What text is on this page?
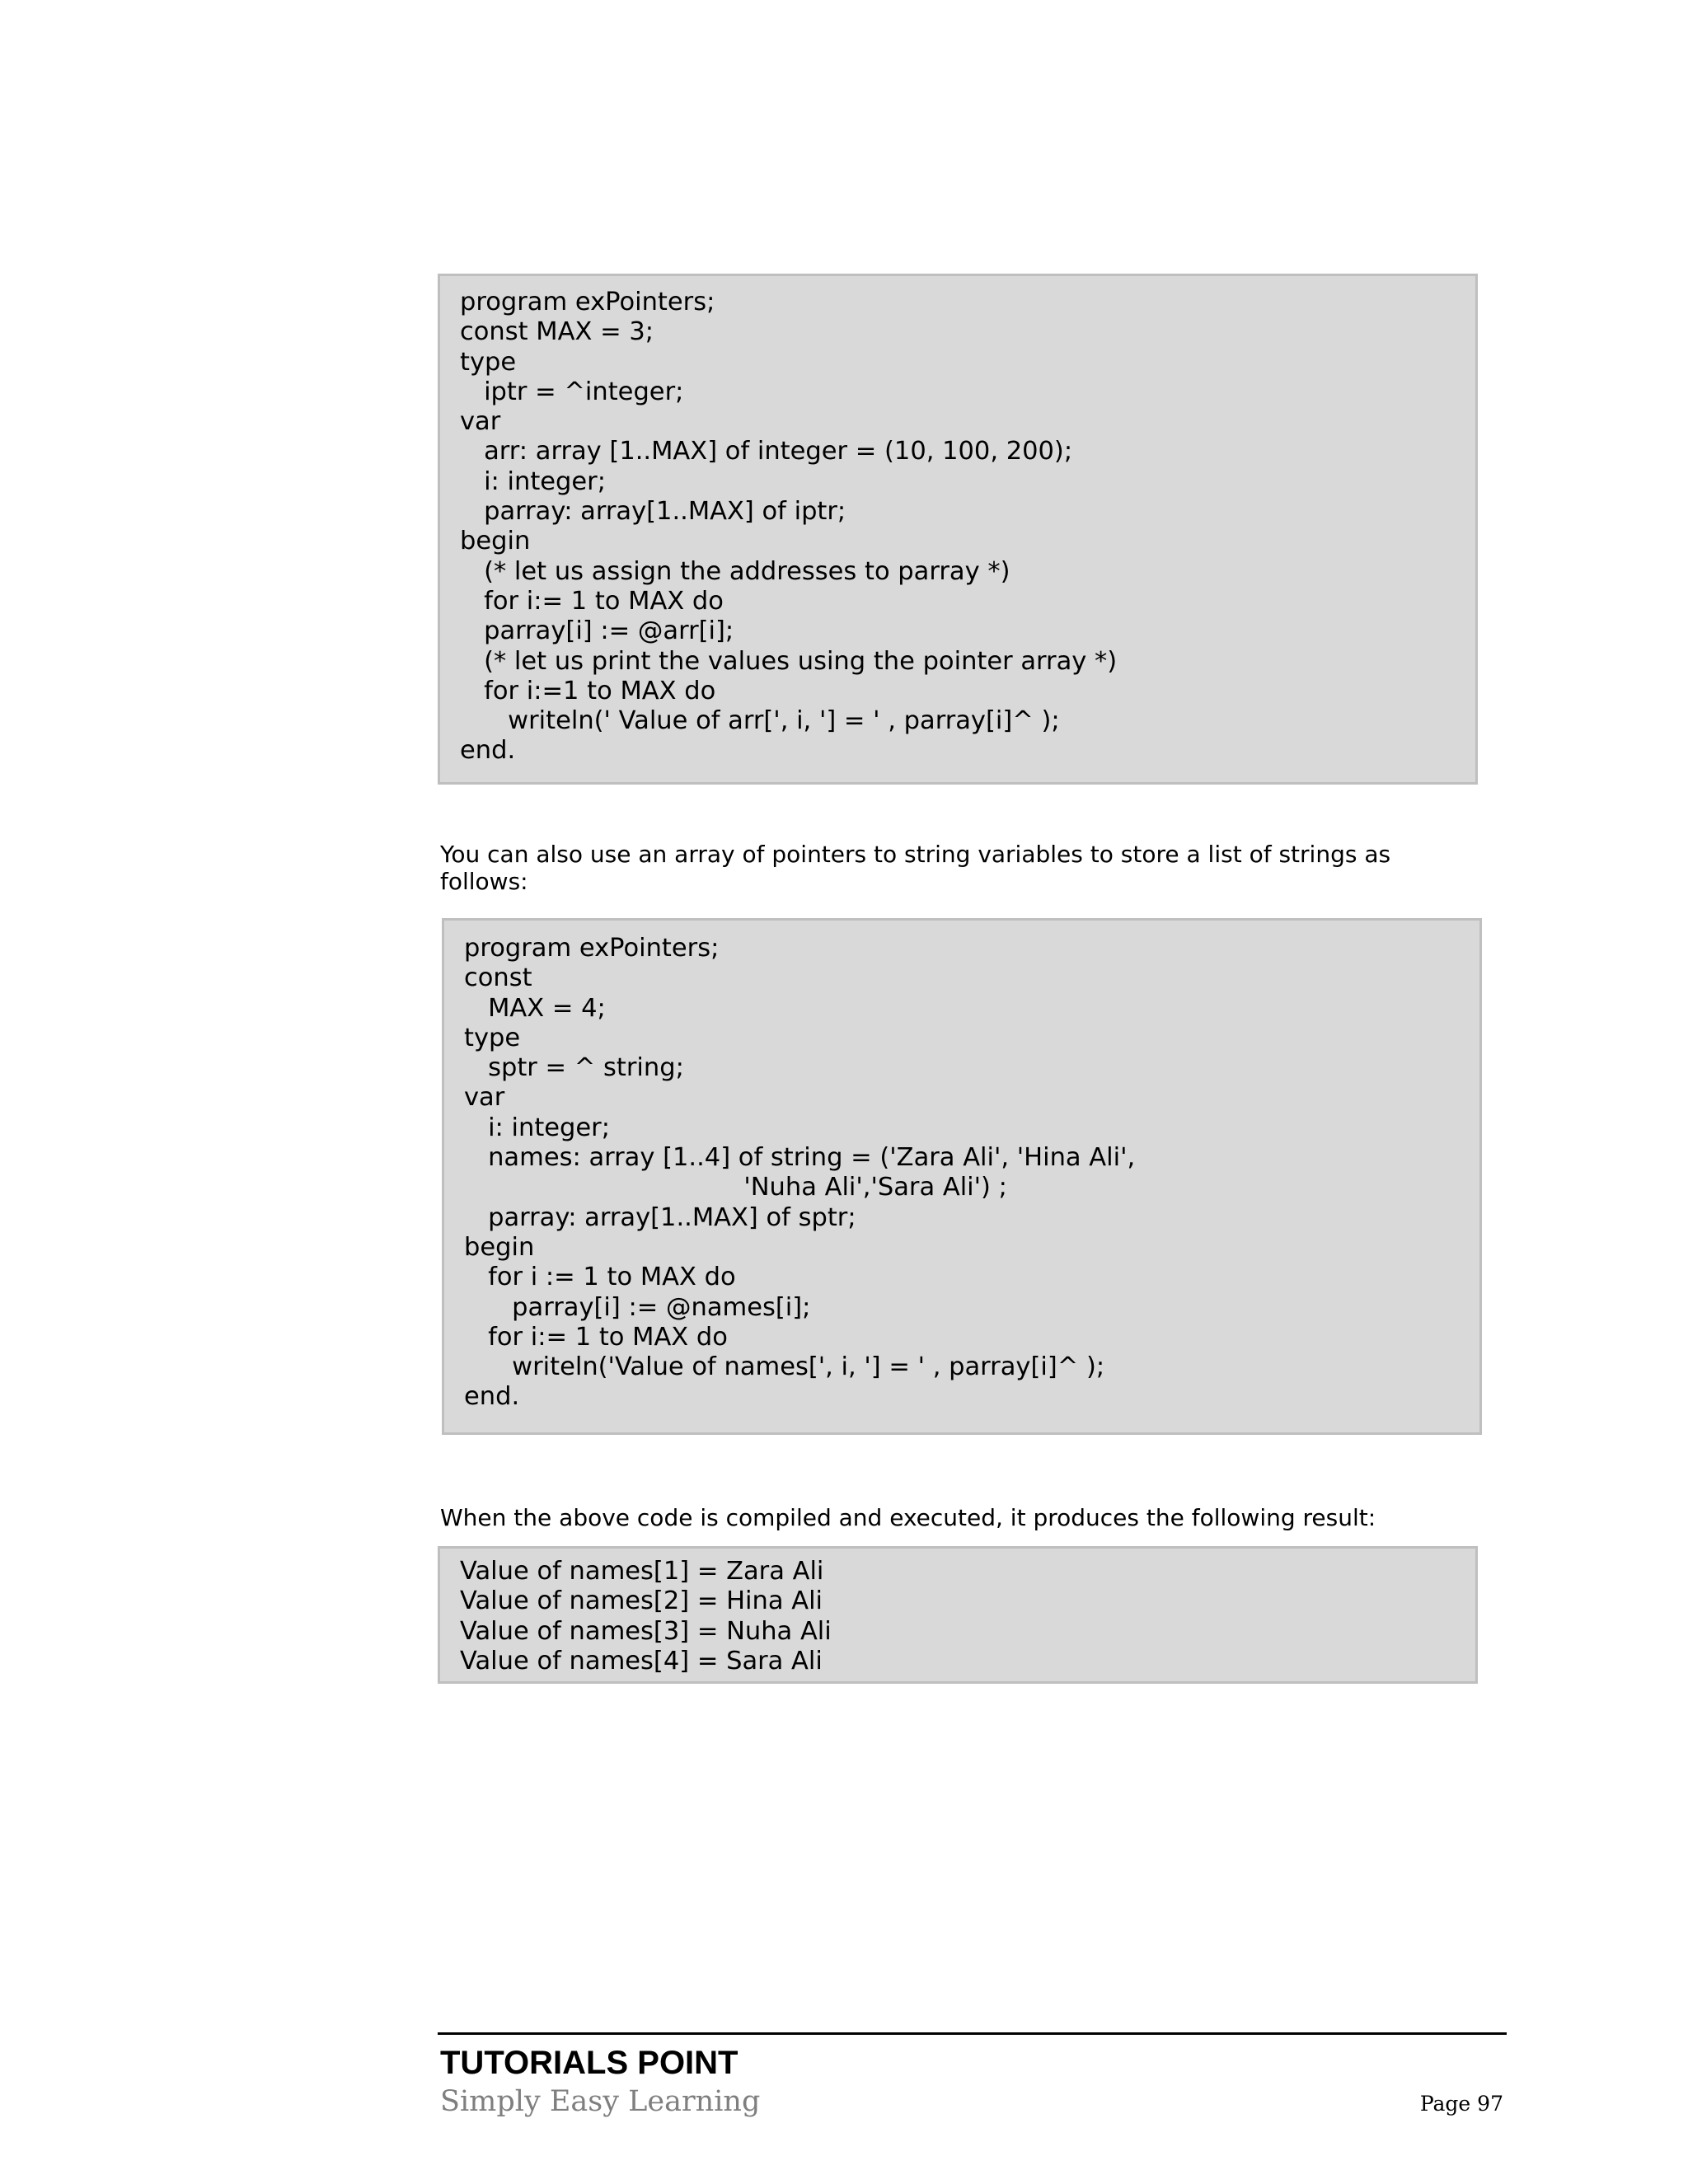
program exPointers;
const MAX = 3;
type
iptr = ^integer;
var
arr: array [1..MAX] of integer = (10, 100, 200);
i: integer;
parray: array[1..MAX] of iptr;
begin
(* let us assign the addresses to parray *)
for i:= 1 to MAX do
parray[i] := @arr[i];
(* let us print the values using the pointer array *)
for i:=1 to MAX do
writeln(' Value of arr[', i, '] = ' , parray[i]^ );
end.

You can also use an array of pointers to string variables to store a list of strings as follows:

program exPointers;
const
MAX = 4;
type
sptr = ^ string;
var
i: integer;
names: array [1..4] of string = ('Zara Ali', 'Hina Ali',
'Nuha Ali','Sara Ali') ;
parray: array[1..MAX] of sptr;
begin
for i := 1 to MAX do
parray[i] := @names[i];
for i:= 1 to MAX do
writeln('Value of names[', i, '] = ' , parray[i]^ );
end.

When the above code is compiled and executed, it produces the following result:

Value of names[1] = Zara Ali
Value of names[2] = Hina Ali
Value of names[3] = Nuha Ali
Value of names[4] = Sara Ali

TUTORIALS POINT

Simply Easy Learning	Page 97
